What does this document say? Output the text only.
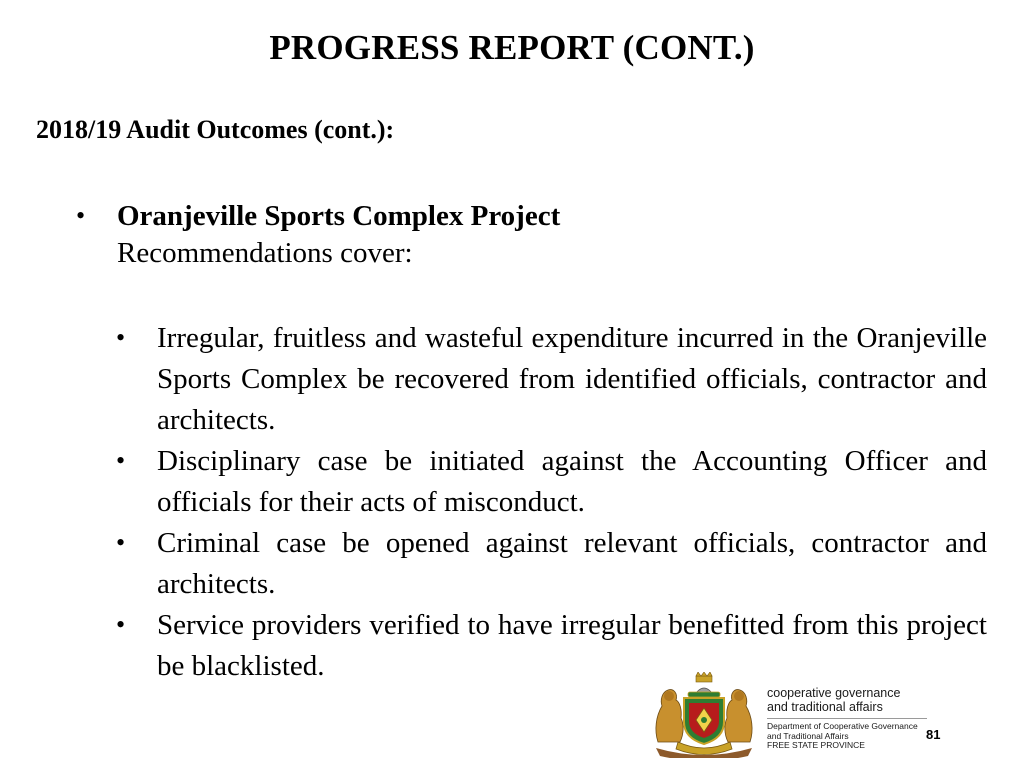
PROGRESS REPORT (CONT.)
2018/19 Audit Outcomes (cont.):
•	Oranjeville Sports Complex Project
Recommendations cover:
•	Irregular, fruitless and wasteful expenditure incurred in the Oranjeville Sports Complex be recovered from identified officials, contractor and architects.
•	Disciplinary case be initiated against the Accounting Officer and officials for their acts of misconduct.
•	Criminal case be opened against relevant officials, contractor and architects.
•	Service providers verified to have irregular benefitted from this project be blacklisted.
cooperative governance
and traditional affairs
Department of Cooperative Governance
and Traditional Affairs
FREE STATE PROVINCE
81
